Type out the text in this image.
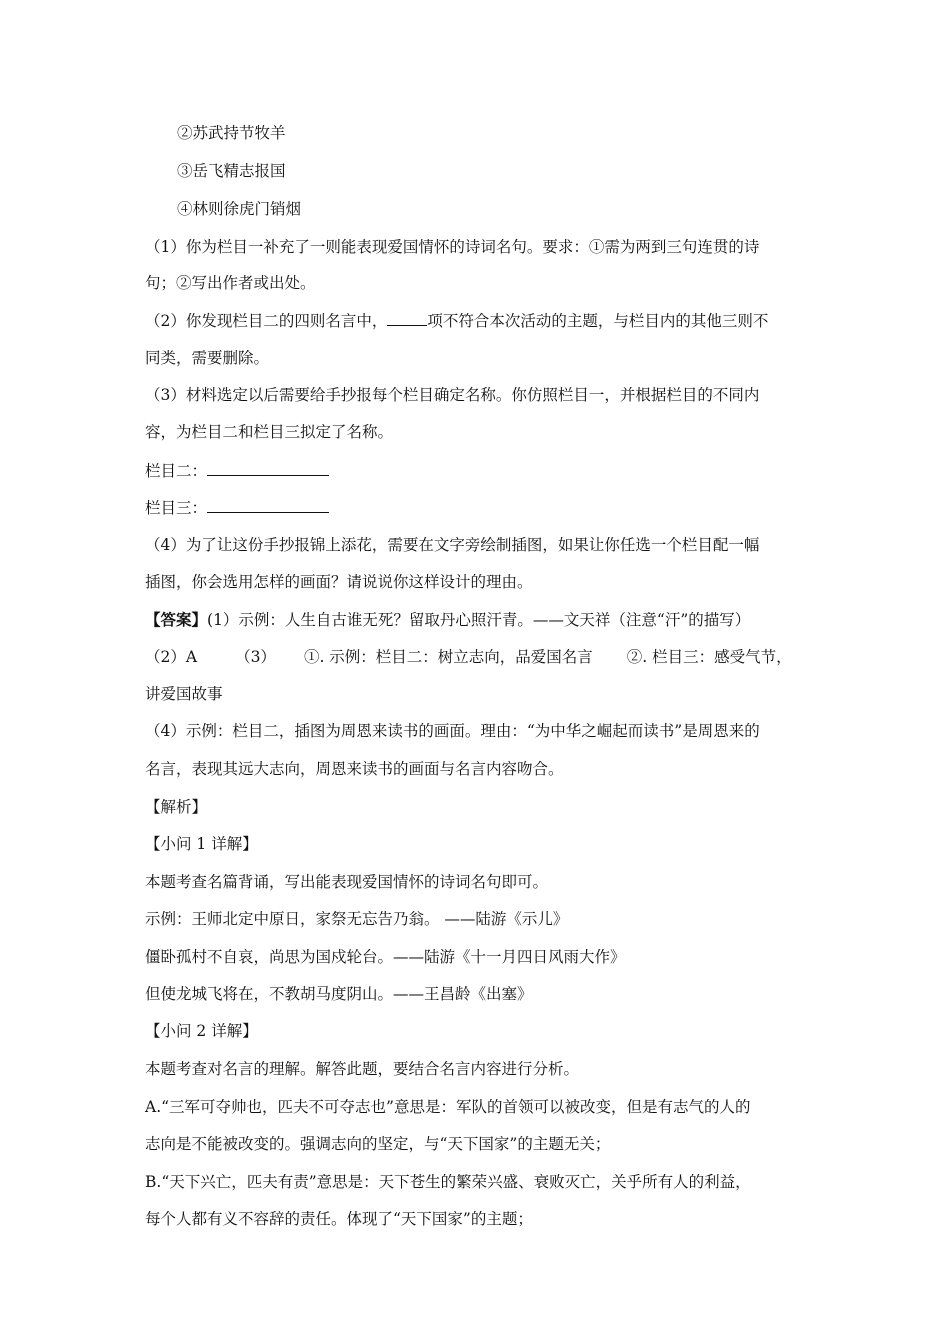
②苏武持节牧羊
③岳飞精志报国
④林则徐虎门销烟
（1）你为栏目一补充了一则能表现爱国情怀的诗词名句。要求：①需为两到三句连贯的诗
句；②写出作者或出处。
（2）你发现栏目二的四则名言中，	项不符合本次活动的主题，与栏目内的其他三则不
同类，需要删除。
（3）材料选定以后需要给手抄报每个栏目确定名称。你仿照栏目一，并根据栏目的不同内
容，为栏目二和栏目三拟定了名称。
栏目二：
栏目三：
（4）为了让这份手抄报锦上添花，需要在文字旁绘制插图，如果让你任选一个栏目配一幅
插图，你会选用怎样的画面？请说说你这样设计的理由。
【答案】(1）示例：人生自古谁无死？留取丹心照汗青。——文天祥（注意“汗”的描写）
（2）A （3） ①. 示例：栏目二：树立志向，品爱国名言 ②. 栏目三：感受气节，
讲爱国故事
（4）示例：栏目二，插图为周恩来读书的画面。理由：“为中华之崛起而读书”是周恩来的
名言，表现其远大志向，周恩来读书的画面与名言内容吻合。
【解析】
【小问 1 详解】
本题考查名篇背诵，写出能表现爱国情怀的诗词名句即可。
示例：王师北定中原日，家祭无忘告乃翁。 ——陆游《示儿》
僵卧孤村不自哀，尚思为国戍轮台。——陆游《十一月四日风雨大作》
但使龙城飞将在，不教胡马度阴山。——王昌龄《出塞》
【小问 2 详解】
本题考查对名言的理解。解答此题，要结合名言内容进行分析。
A.“三军可夺帅也，匹夫不可夺志也”意思是：军队的首领可以被改变，但是有志气的人的
志向是不能被改变的。强调志向的坚定，与“天下国家”的主题无关；
B.“天下兴亡，匹夫有责”意思是：天下苍生的繁荣兴盛、衰败灭亡，关乎所有人的利益，
每个人都有义不容辞的责任。体现了“天下国家”的主题；
